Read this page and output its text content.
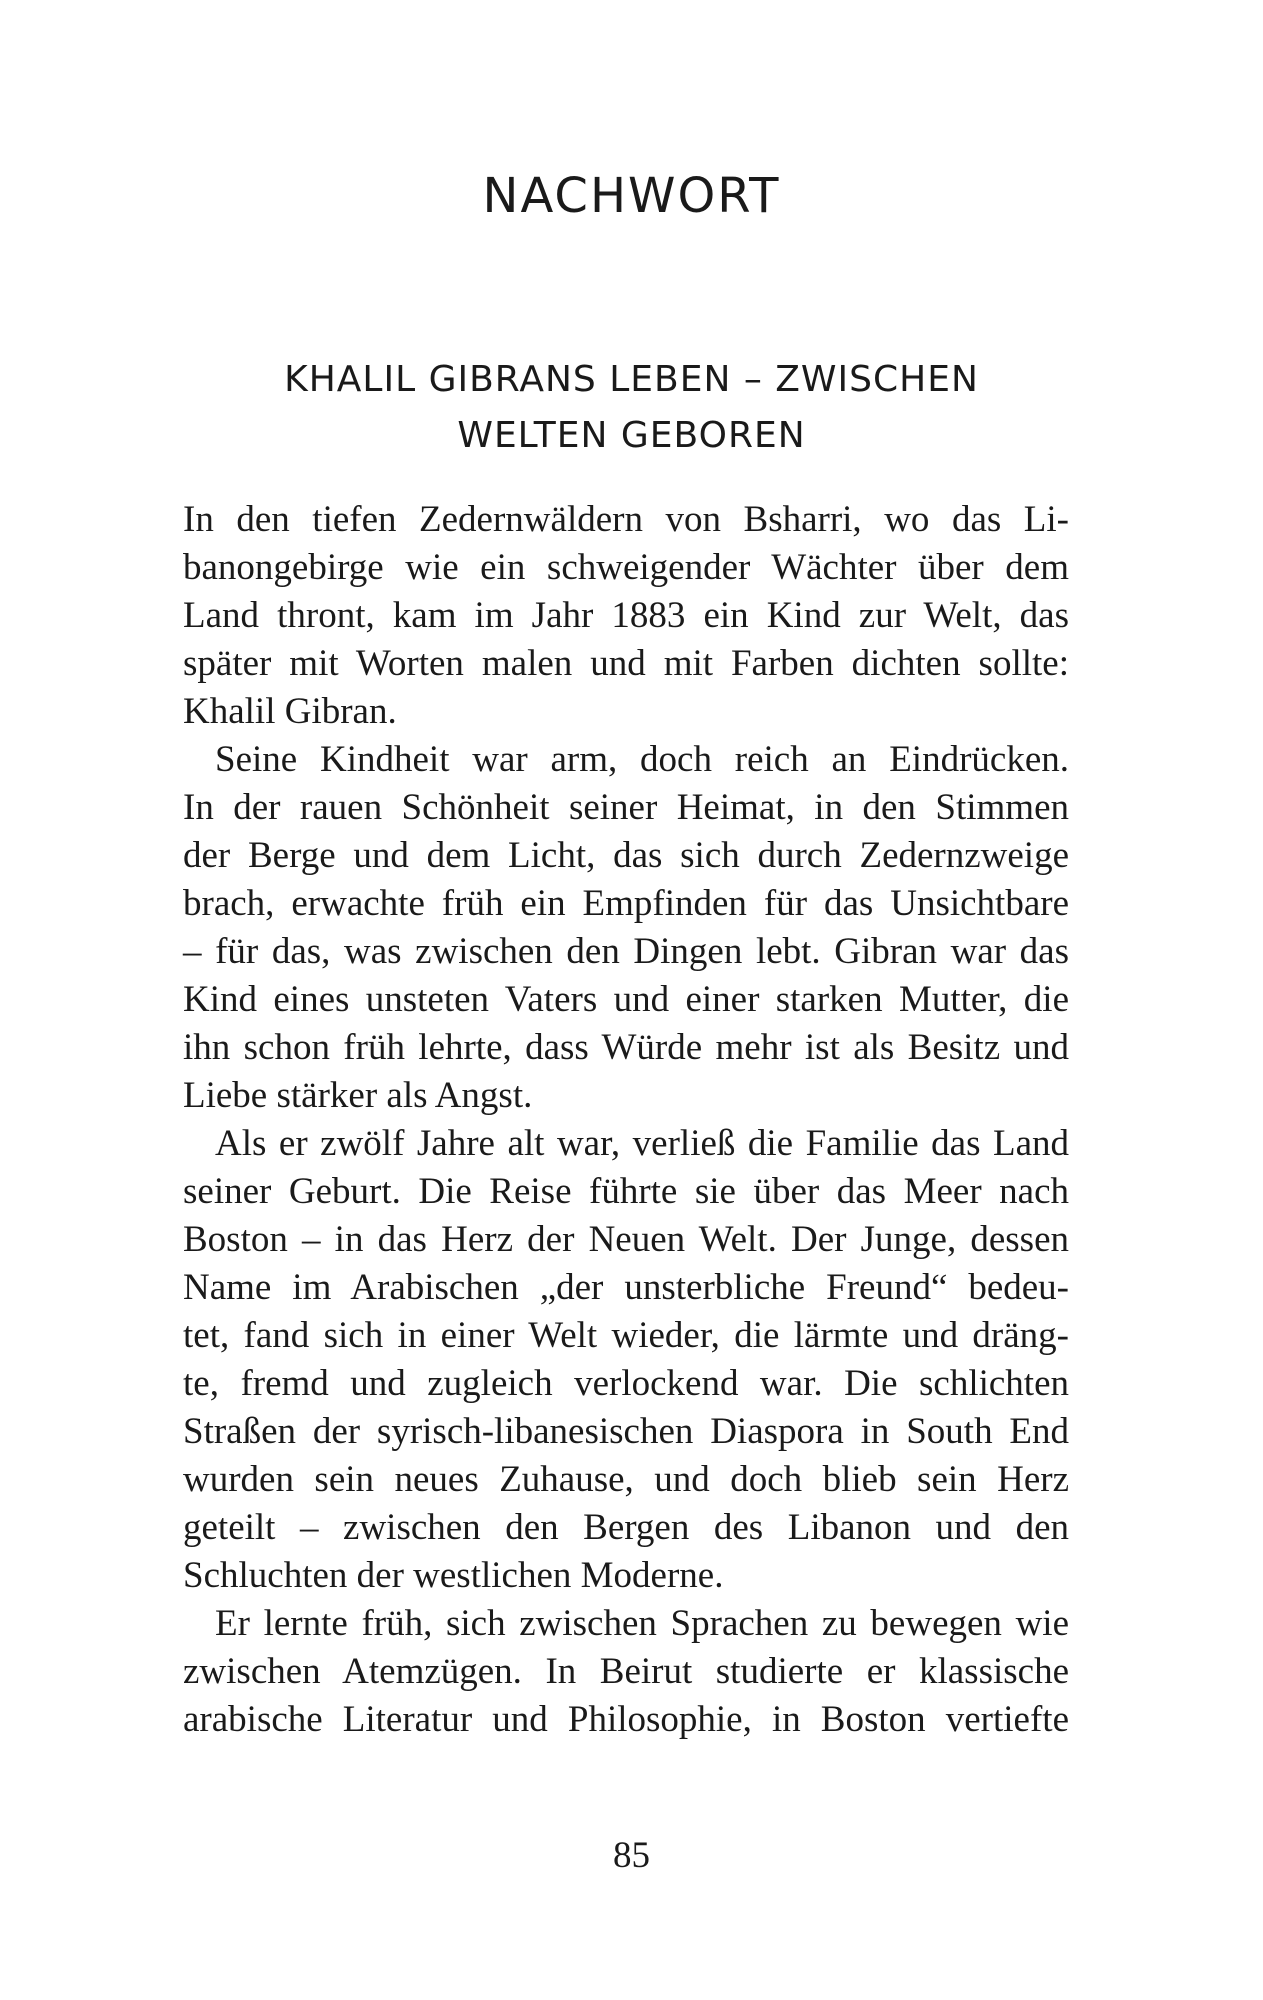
NACHWORT
KHALIL GIBRANS LEBEN – ZWISCHEN
WELTEN GEBOREN
In den tiefen Zedernwäldern von Bsharri, wo das Li-
banongebirge wie ein schweigender Wächter über dem
Land thront, kam im Jahr 1883 ein Kind zur Welt, das
später mit Worten malen und mit Farben dichten sollte:
Khalil Gibran.
Seine Kindheit war arm, doch reich an Eindrücken.
In der rauen Schönheit seiner Heimat, in den Stimmen
der Berge und dem Licht, das sich durch Zedernzweige
brach, erwachte früh ein Empfinden für das Unsichtbare
– für das, was zwischen den Dingen lebt. Gibran war das
Kind eines unsteten Vaters und einer starken Mutter, die
ihn schon früh lehrte, dass Würde mehr ist als Besitz und
Liebe stärker als Angst.
Als er zwölf Jahre alt war, verließ die Familie das Land
seiner Geburt. Die Reise führte sie über das Meer nach
Boston – in das Herz der Neuen Welt. Der Junge, dessen
Name im Arabischen „der unsterbliche Freund“ bedeu-
tet, fand sich in einer Welt wieder, die lärmte und dräng-
te, fremd und zugleich verlockend war. Die schlichten
Straßen der syrisch-libanesischen Diaspora in South End
wurden sein neues Zuhause, und doch blieb sein Herz
geteilt – zwischen den Bergen des Libanon und den
Schluchten der westlichen Moderne.
Er lernte früh, sich zwischen Sprachen zu bewegen wie
zwischen Atemzügen. In Beirut studierte er klassische
arabische Literatur und Philosophie, in Boston vertiefte
85
